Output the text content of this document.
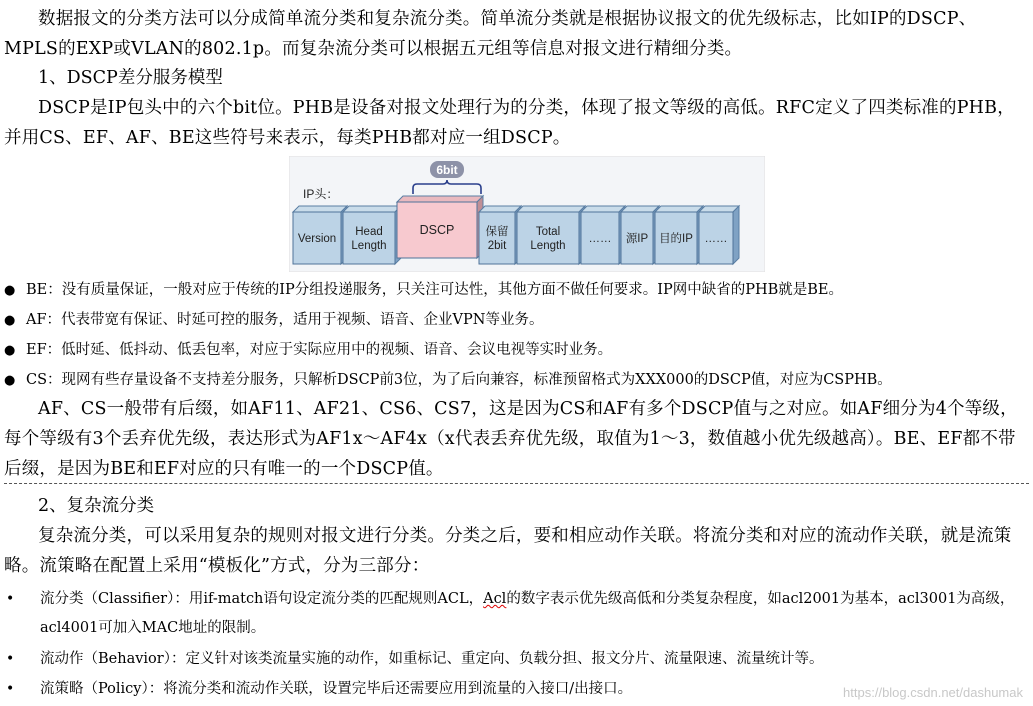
数据报文的分类方法可以分成简单流分类和复杂流分类。简单流分类就是根据协议报文的优先级标志，比如IP的DSCP、MPLS的EXP或VLAN的802.1p。而复杂流分类可以根据五元组等信息对报文进行精细分类。

1、DSCP差分服务模型

DSCP是IP包头中的六个bit位。PHB是设备对报文处理行为的分类，体现了报文等级的高低。RFC定义了四类标准的PHB，并用CS、EF、AF、BE这些符号来表示，每类PHB都对应一组DSCP。

6bit
IP头：
Version
Head Length
DSCP	保留 2bit
Total Length
…… 源IP 目的IP ……
● BE：没有质量保证，一般对应于传统的IP分组投递服务，只关注可达性，其他方面不做任何要求。IP网中缺省的PHB就是BE。
● AF：代表带宽有保证、时延可控的服务，适用于视频、语音、企业VPN等业务。
● EF：低时延、低抖动、低丢包率，对应于实际应用中的视频、语音、会议电视等实时业务。
● CS：现网有些存量设备不支持差分服务，只解析DSCP前3位，为了后向兼容，标准预留格式为XXX000的DSCP值，对应为CSPHB。

AF、CS一般带有后缀，如AF11、AF21、CS6、CS7，这是因为CS和AF有多个DSCP值与之对应。如AF细分为4个等级，每个等级有3个丢弃优先级，表达形式为AF1x～AF4x（x代表丢弃优先级，取值为1～3，数值越小优先级越高）。BE、EF都不带后缀，是因为BE和EF对应的只有唯一的一个DSCP值。

2、复杂流分类

复杂流分类，可以采用复杂的规则对报文进行分类。分类之后，要和相应动作关联。将流分类和对应的流动作关联，就是流策略。流策略在配置上采用“模板化”方式，分为三部分：

•	流分类（Classifier）：用if-match语句设定流分类的匹配规则ACL，Acl的数字表示优先级高低和分类复杂程度，如acl2001为基本，acl3001为高级，acl4001可加入MAC地址的限制。
•	流动作（Behavior）：定义针对该类流量实施的动作，如重标记、重定向、负载分担、报文分片、流量限速、流量统计等。
•	流策略（Policy）：将流分类和流动作关联，设置完毕后还需要应用到流量的入接口/出接口。	https://blog.csdn.net/dashumak
